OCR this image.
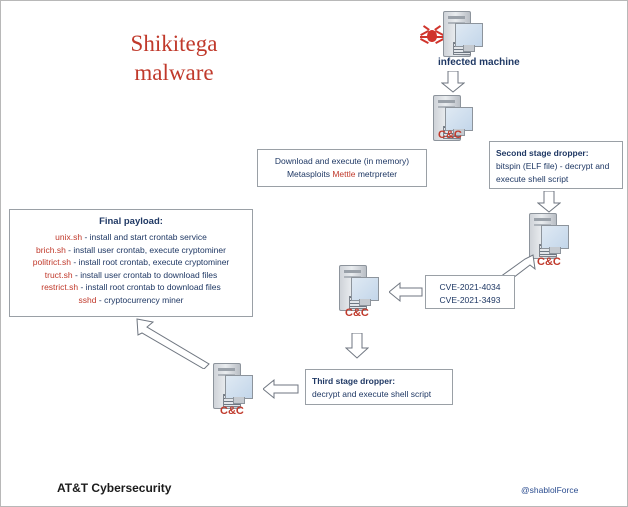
Shikitega
malware	infected machine
C&C
Download and execute (in memory)
Metasploits Mettle metrpreter
Second stage dropper:
bitspin (ELF file) - decrypt and execute shell script
C&C
CVE-2021-4034
CVE-2021-3493
C&C
Third stage dropper:
decrypt and execute shell script
C&C
Final payload:
unix.sh - install and start crontab service
brich.sh - install user crontab, execute cryptominer
politrict.sh - install root crontab, execute cryptominer
truct.sh - install user crontab to download files
restrict.sh - install root crontab to download files
sshd - cryptocurrency miner
AT&T Cybersecurity	@shablolForce
